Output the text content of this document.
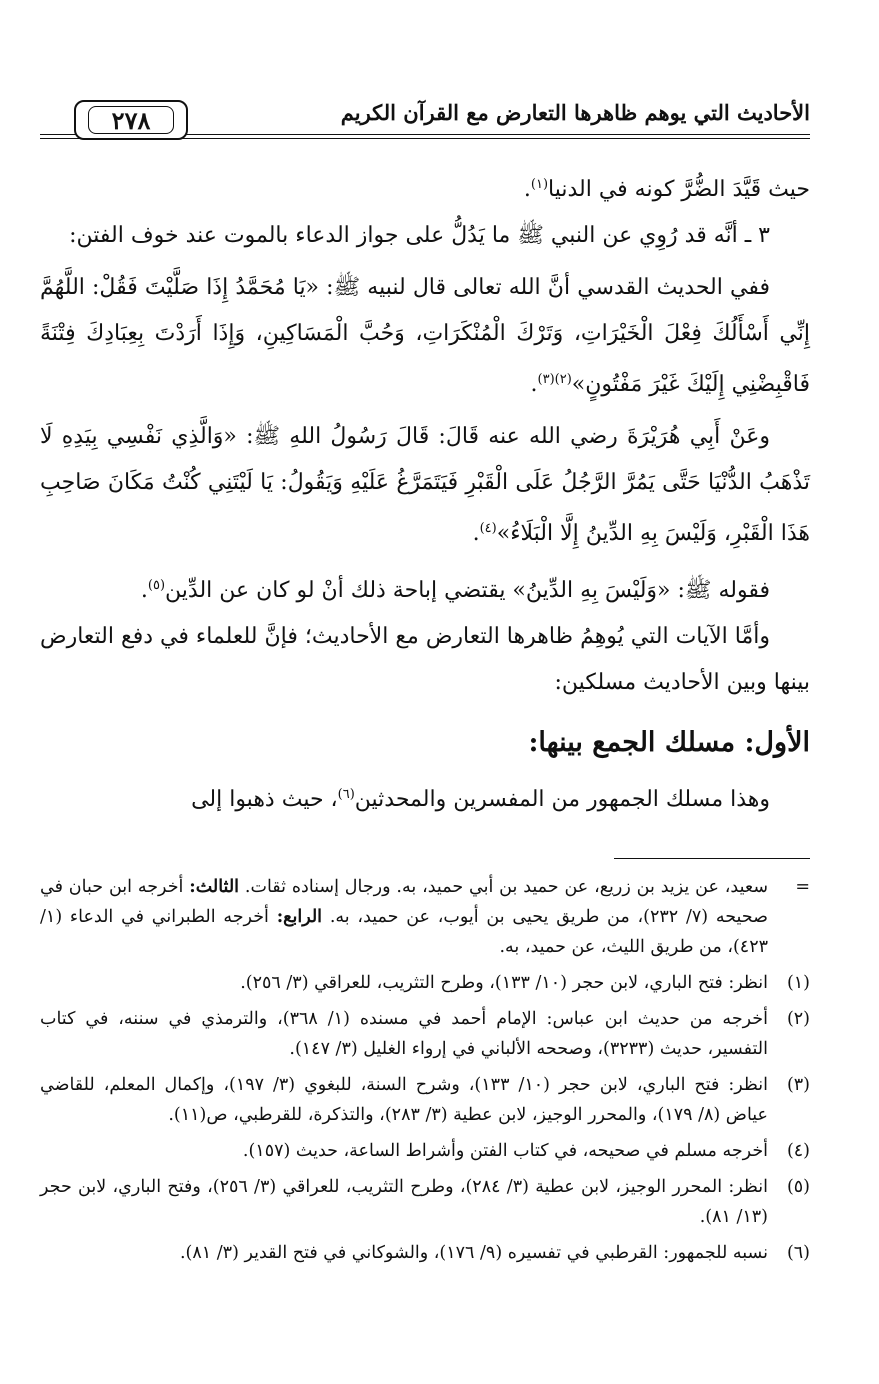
الأحاديث التي يوهم ظاهرها التعارض مع القرآن الكريم
٢٧٨

حيث قَيَّدَ الضُّرَّ كونه في الدنيا$^{(١)}$.

٣ ـ أنَّه قد رُوِي عن النبي ﷺ ما يَدُلُّ على جواز الدعاء بالموت عند خوف الفتن:

ففي الحديث القدسي أنَّ الله تعالى قال لنبيه ﷺ: «يَا مُحَمَّدُ إِذَا صَلَّيْتَ فَقُلْ: اللَّهُمَّ إِنِّي أَسْأَلُكَ فِعْلَ الْخَيْرَاتِ، وَتَرْكَ الْمُنْكَرَاتِ، وَحُبَّ الْمَسَاكِينِ، وَإِذَا أَرَدْتَ بِعِبَادِكَ فِتْنَةً فَاقْبِضْنِي إِلَيْكَ غَيْرَ مَفْتُونٍ»$^{(٢)(٣)}$.

وعَنْ أَبِي هُرَيْرَةَ رضي الله عنه قَالَ: قَالَ رَسُولُ اللهِ ﷺ: «وَالَّذِي نَفْسِي بِيَدِهِ لَا تَذْهَبُ الدُّنْيَا حَتَّى يَمُرَّ الرَّجُلُ عَلَى الْقَبْرِ فَيَتَمَرَّغُ عَلَيْهِ وَيَقُولُ: يَا لَيْتَنِي كُنْتُ مَكَانَ صَاحِبِ هَذَا الْقَبْرِ، وَلَيْسَ بِهِ الدِّينُ إِلَّا الْبَلَاءُ»$^{(٤)}$.

فقوله ﷺ: «وَلَيْسَ بِهِ الدِّينُ» يقتضي إباحة ذلك أنْ لو كان عن الدِّين$^{(٥)}$.

وأمَّا الآيات التي يُوهِمُ ظاهرها التعارض مع الأحاديث؛ فإنَّ للعلماء في دفع التعارض بينها وبين الأحاديث مسلكين:

الأول: مسلك الجمع بينها:

وهذا مسلك الجمهور من المفسرين والمحدثين$^{(٦)}$، حيث ذهبوا إلى

=
سعيد، عن يزيد بن زريع، عن حميد بن أبي حميد، به. ورجال إسناده ثقات. الثالث: أخرجه ابن حبان في صحيحه (٧/ ٢٣٢)، من طريق يحيى بن أيوب، عن حميد، به. الرابع: أخرجه الطبراني في الدعاء (١/ ٤٢٣)، من طريق الليث، عن حميد، به.
(١)
انظر: فتح الباري، لابن حجر (١٠/ ١٣٣)، وطرح التثريب، للعراقي (٣/ ٢٥٦).
(٢)
أخرجه من حديث ابن عباس: الإمام أحمد في مسنده (١/ ٣٦٨)، والترمذي في سننه، في كتاب التفسير، حديث (٣٢٣٣)، وصححه الألباني في إرواء الغليل (٣/ ١٤٧).
(٣)
انظر: فتح الباري، لابن حجر (١٠/ ١٣٣)، وشرح السنة، للبغوي (٣/ ١٩٧)، وإكمال المعلم، للقاضي عياض (٨/ ١٧٩)، والمحرر الوجيز، لابن عطية (٣/ ٢٨٣)، والتذكرة، للقرطبي، ص(١١).
(٤)
أخرجه مسلم في صحيحه، في كتاب الفتن وأشراط الساعة، حديث (١٥٧).
(٥)
انظر: المحرر الوجيز، لابن عطية (٣/ ٢٨٤)، وطرح التثريب، للعراقي (٣/ ٢٥٦)، وفتح الباري، لابن حجر (١٣/ ٨١).
(٦)
نسبه للجمهور: القرطبي في تفسيره (٩/ ١٧٦)، والشوكاني في فتح القدير (٣/ ٨١).
